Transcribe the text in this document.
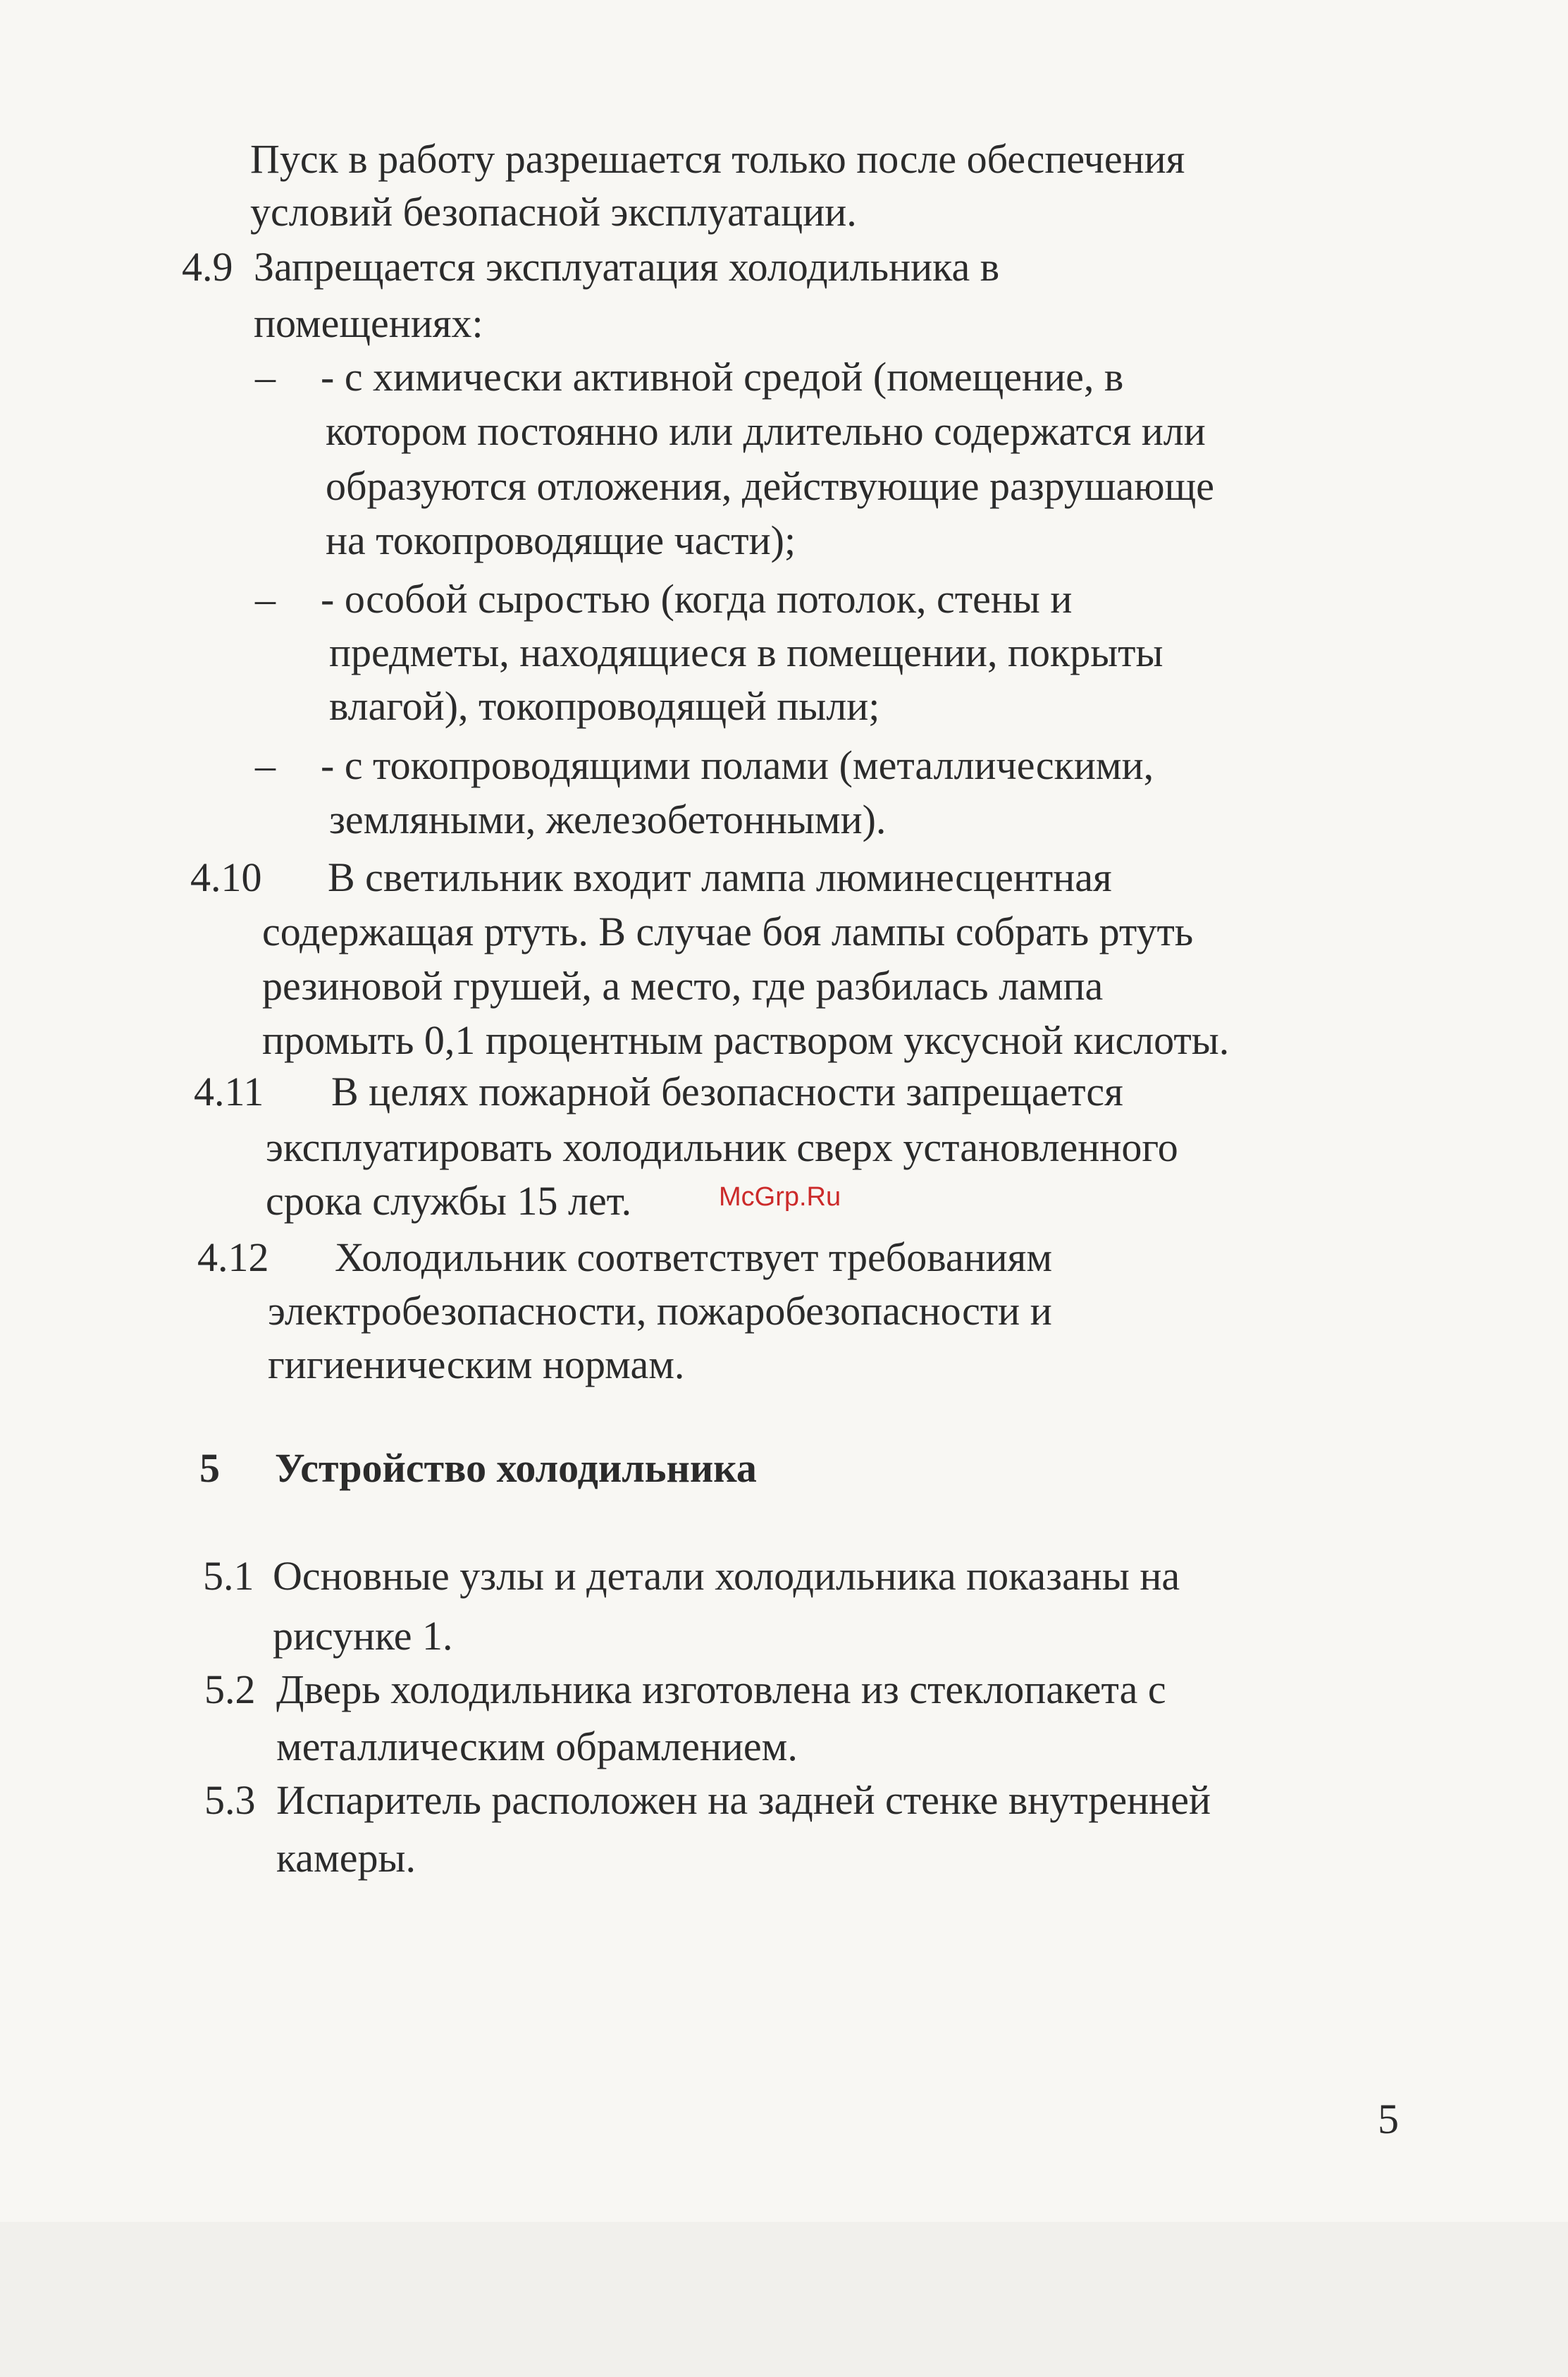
Пуск в работу разрешается только после обеспечения
условий безопасной эксплуатации.
4.9 Запрещается эксплуатация холодильника в
помещениях:
– - с химически активной средой (помещение, в
котором постоянно или длительно содержатся или
образуются отложения, действующие разрушающе
на токопроводящие части);
– - особой сыростью (когда потолок, стены и
предметы, находящиеся в помещении, покрыты
влагой), токопроводящей пыли;
– - с токопроводящими полами (металлическими,
земляными, железобетонными).
4.10 В светильник входит лампа люминесцентная
содержащая ртуть. В случае боя лампы собрать ртуть
резиновой грушей, а место, где разбилась лампа
промыть 0,1 процентным раствором уксусной кислоты.
4.11 В целях пожарной безопасности запрещается
эксплуатировать холодильник сверх установленного
срока службы 15 лет.	McGrp.Ru
4.12 Холодильник соответствует требованиям
электробезопасности, пожаробезопасности и
гигиеническим нормам.
5 Устройство холодильника
5.1 Основные узлы и детали холодильника показаны на
рисунке 1.
5.2 Дверь холодильника изготовлена из стеклопакета с
металлическим обрамлением.
5.3 Испаритель расположен на задней стенке внутренней
камеры.
5
